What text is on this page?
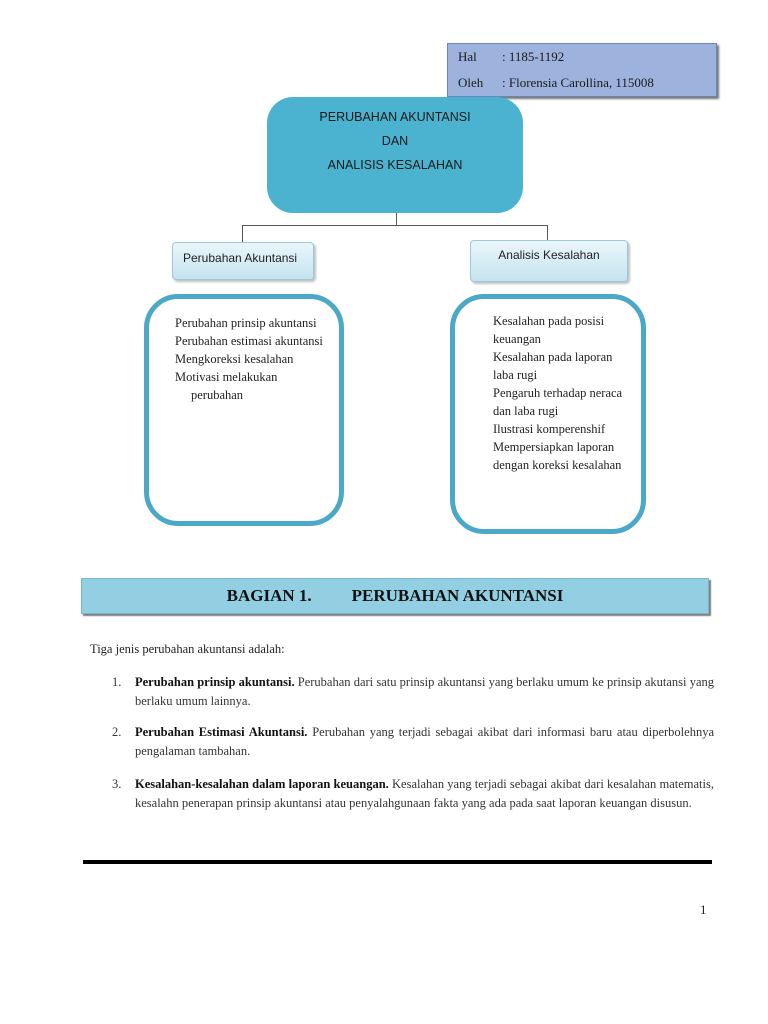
Hal : 1185-1192
Oleh : Florensia Carollina, 115008
PERUBAHAN AKUNTANSI
DAN
ANALISIS KESALAHAN
Perubahan Akuntansi	Analisis Kesalahan
Perubahan prinsip akuntansi
Perubahan estimasi akuntansi
Mengkoreksi kesalahan
Motivasi melakukan perubahan
Kesalahan pada posisi keuangan
Kesalahan pada laporan laba rugi
Pengaruh terhadap neraca dan laba rugi
Ilustrasi komperenshif
Mempersiapkan laporan dengan koreksi kesalahan
BAGIAN 1. PERUBAHAN AKUNTANSI
Tiga jenis perubahan akuntansi adalah:
1.	Perubahan prinsip akuntansi. Perubahan dari satu prinsip akuntansi yang berlaku umum ke prinsip akutansi yang berlaku umum lainnya.
2.	Perubahan Estimasi Akuntansi. Perubahan yang terjadi sebagai akibat dari informasi baru atau diperbolehnya pengalaman tambahan.
3.	Kesalahan-kesalahan dalam laporan keuangan. Kesalahan yang terjadi sebagai akibat dari kesalahan matematis, kesalahn penerapan prinsip akuntansi atau penyalahgunaan fakta yang ada pada saat laporan keuangan disusun.
1
